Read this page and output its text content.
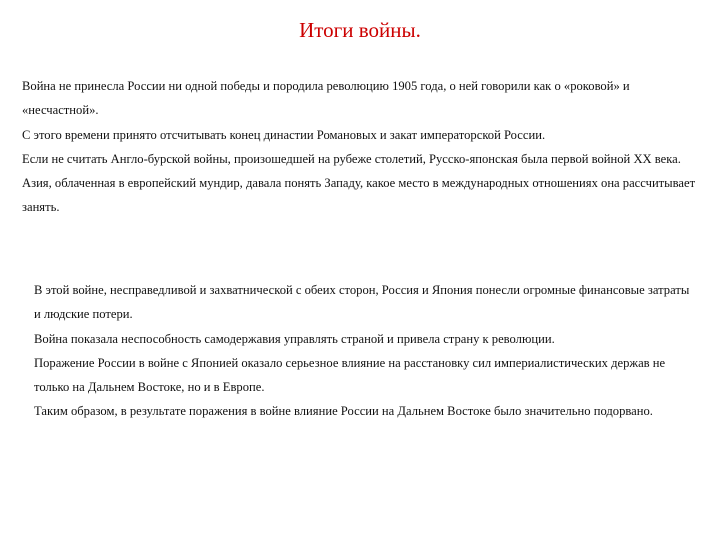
Итоги войны.

Война не принесла России ни одной победы и породила революцию 1905 года, о ней говорили как о «роковой» и «несчастной».

С этого времени принято отсчитывать конец династии Романовых и закат императорской России.

Если не считать Англо-бурской войны, произошедшей на рубеже столетий, Русско-японская была первой войной XX века.

Азия, облаченная в европейский мундир, давала понять Западу, какое место в международных отношениях она рассчитывает занять.

В этой войне, несправедливой и захватнической с обеих сторон, Россия и Япония понесли огромные финансовые затраты и людские потери.

Война показала неспособность самодержавия управлять страной и привела страну к революции.

Поражение России в войне с Японией оказало серьезное влияние на расстановку сил империалистических держав не только на Дальнем Востоке, но и в Европе.

Таким образом, в результате поражения в войне влияние России на Дальнем Востоке было значительно подорвано.
